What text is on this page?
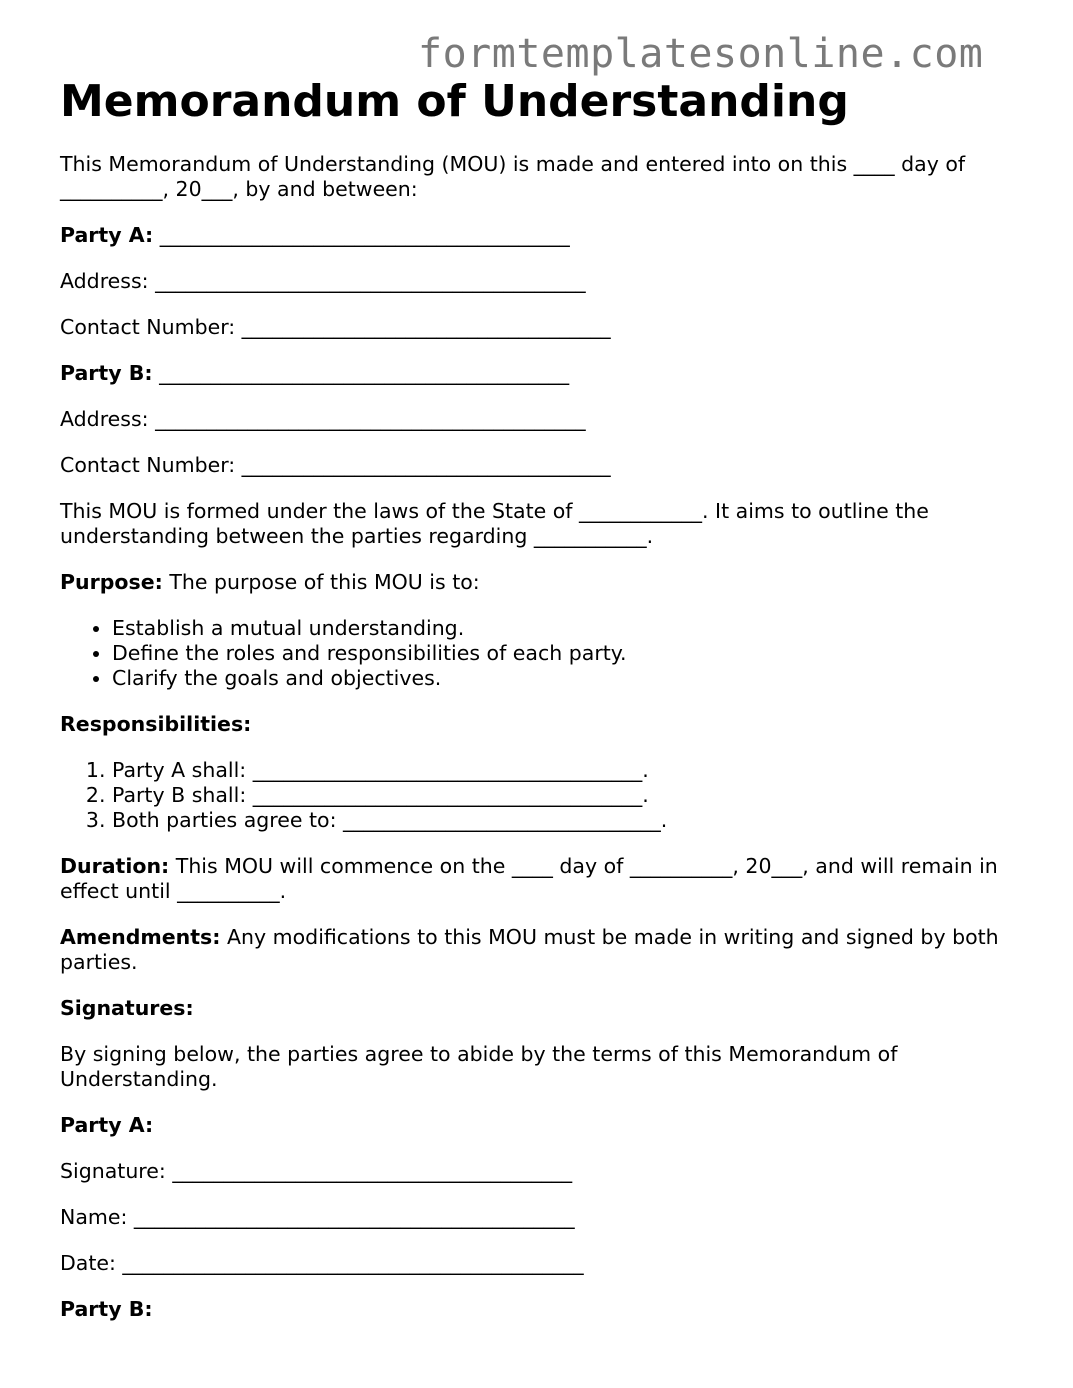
formtemplatesonline.com
Memorandum of Understanding

This Memorandum of Understanding (MOU) is made and entered into on this ____ day of __________, 20___, by and between:

Party A: ________________________________________

Address: __________________________________________

Contact Number: ____________________________________

Party B: ________________________________________

Address: __________________________________________

Contact Number: ____________________________________

This MOU is formed under the laws of the State of ____________. It aims to outline the understanding between the parties regarding ___________.

Purpose: The purpose of this MOU is to:

• Establish a mutual understanding.
• Define the roles and responsibilities of each party.
• Clarify the goals and objectives.

Responsibilities:

1. Party A shall: ______________________________________.
2. Party B shall: ______________________________________.
3. Both parties agree to: _______________________________.

Duration: This MOU will commence on the ____ day of __________, 20___, and will remain in effect until __________.

Amendments: Any modifications to this MOU must be made in writing and signed by both parties.

Signatures:

By signing below, the parties agree to abide by the terms of this Memorandum of Understanding.

Party A:

Signature: _______________________________________

Name: ___________________________________________

Date: _____________________________________________

Party B:
